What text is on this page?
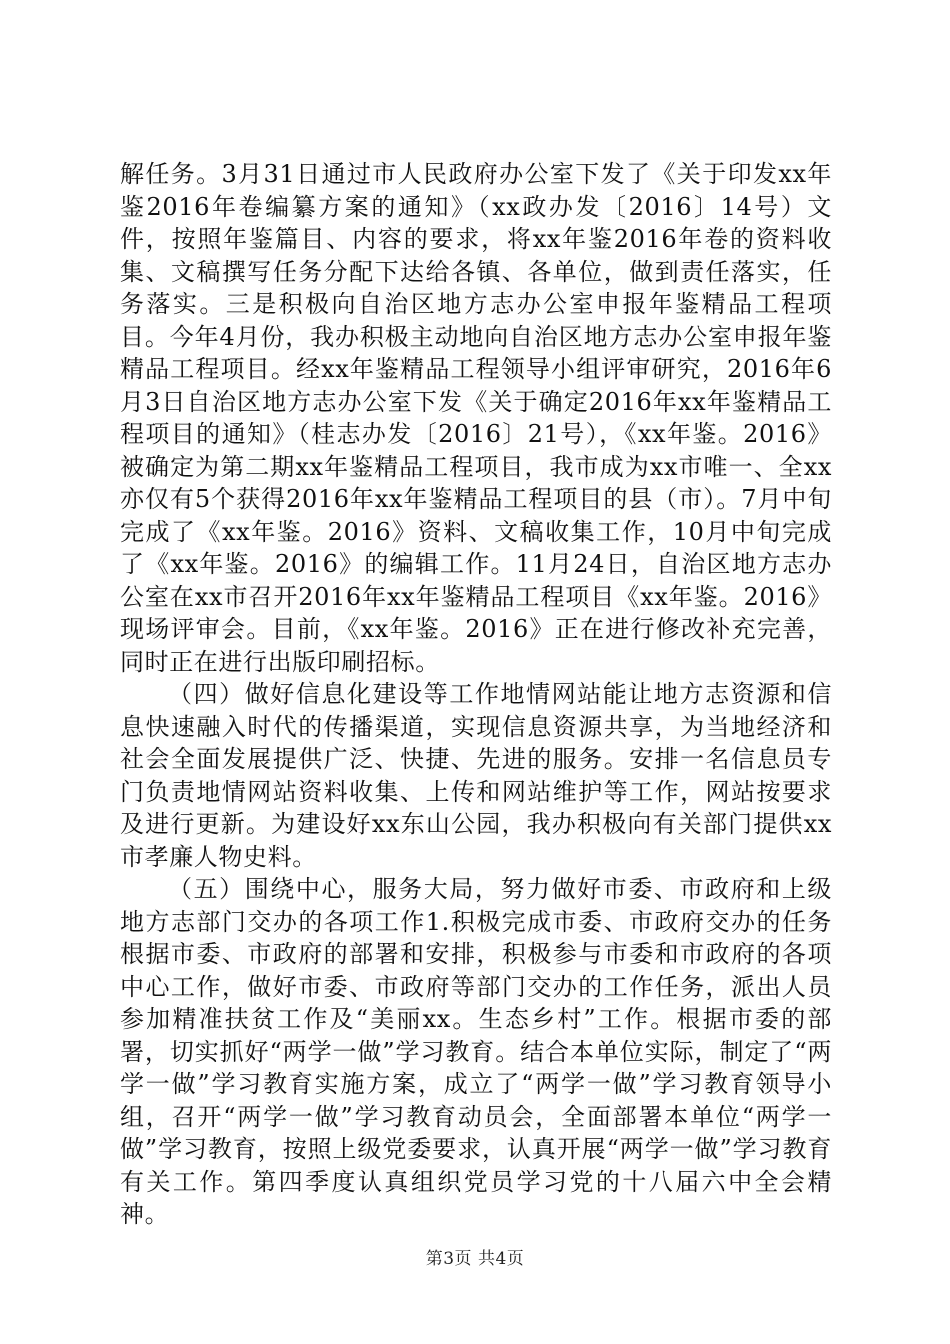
解任务。3月31日通过市人民政府办公室下发了《关于印发xx年鉴2016年卷编纂方案的通知》（xx政办发〔2016〕14号）文件，按照年鉴篇目、内容的要求，将xx年鉴2016年卷的资料收集、文稿撰写任务分配下达给各镇、各单位，做到责任落实，任务落实。三是积极向自治区地方志办公室申报年鉴精品工程项目。今年4月份，我办积极主动地向自治区地方志办公室申报年鉴精品工程项目。经xx年鉴精品工程领导小组评审研究，2016年6月3日自治区地方志办公室下发《关于确定2016年xx年鉴精品工程项目的通知》（桂志办发〔2016〕21号），《xx年鉴。2016》被确定为第二期xx年鉴精品工程项目，我市成为xx市唯一、全xx亦仅有5个获得2016年xx年鉴精品工程项目的县（市）。7月中旬完成了《xx年鉴。2016》资料、文稿收集工作，10月中旬完成了《xx年鉴。2016》的编辑工作。11月24日，自治区地方志办公室在xx市召开2016年xx年鉴精品工程项目《xx年鉴。2016》现场评审会。目前，《xx年鉴。2016》正在进行修改补充完善，同时正在进行出版印刷招标。

（四）做好信息化建设等工作地情网站能让地方志资源和信息快速融入时代的传播渠道，实现信息资源共享，为当地经济和社会全面发展提供广泛、快捷、先进的服务。安排一名信息员专门负责地情网站资料收集、上传和网站维护等工作，网站按要求及进行更新。为建设好xx东山公园，我办积极向有关部门提供xx市孝廉人物史料。

（五）围绕中心，服务大局，努力做好市委、市政府和上级地方志部门交办的各项工作1.积极完成市委、市政府交办的任务根据市委、市政府的部署和安排，积极参与市委和市政府的各项中心工作，做好市委、市政府等部门交办的工作任务，派出人员参加精准扶贫工作及“美丽xx。生态乡村”工作。根据市委的部署，切实抓好“两学一做”学习教育。结合本单位实际，制定了“两学一做”学习教育实施方案，成立了“两学一做”学习教育领导小组，召开“两学一做”学习教育动员会，全面部署本单位“两学一做”学习教育，按照上级党委要求，认真开展“两学一做”学习教育有关工作。第四季度认真组织党员学习党的十八届六中全会精神。

第3页 共4页
